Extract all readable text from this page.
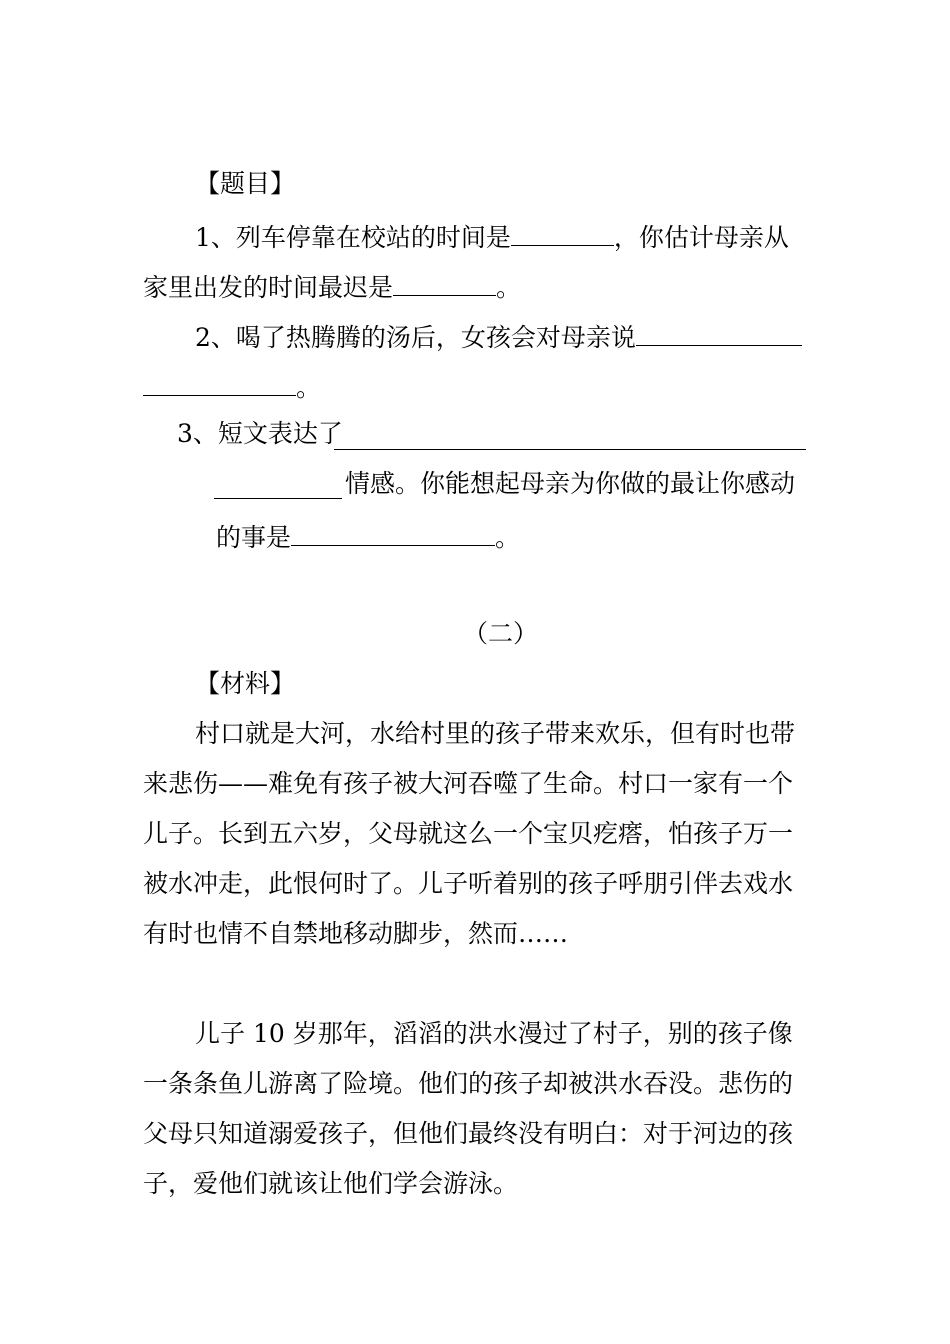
【题目】
1、列车停靠在校站的时间是	，你估计母亲从
家里出发的时间最迟是	。
2、喝了热腾腾的汤后，女孩会对母亲说
。
3、短文表达了
情感。你能想起母亲为你做的最让你感动
的事是	。
（二）
【材料】
村口就是大河，水给村里的孩子带来欢乐，但有时也带
来悲伤——难免有孩子被大河吞噬了生命。村口一家有一个
儿子。长到五六岁，父母就这么一个宝贝疙瘩，怕孩子万一
被水冲走，此恨何时了。儿子听着别的孩子呼朋引伴去戏水
有时也情不自禁地移动脚步，然而……
儿子 10 岁那年，滔滔的洪水漫过了村子，别的孩子像
一条条鱼儿游离了险境。他们的孩子却被洪水吞没。悲伤的
父母只知道溺爱孩子，但他们最终没有明白：对于河边的孩
子，爱他们就该让他们学会游泳。
